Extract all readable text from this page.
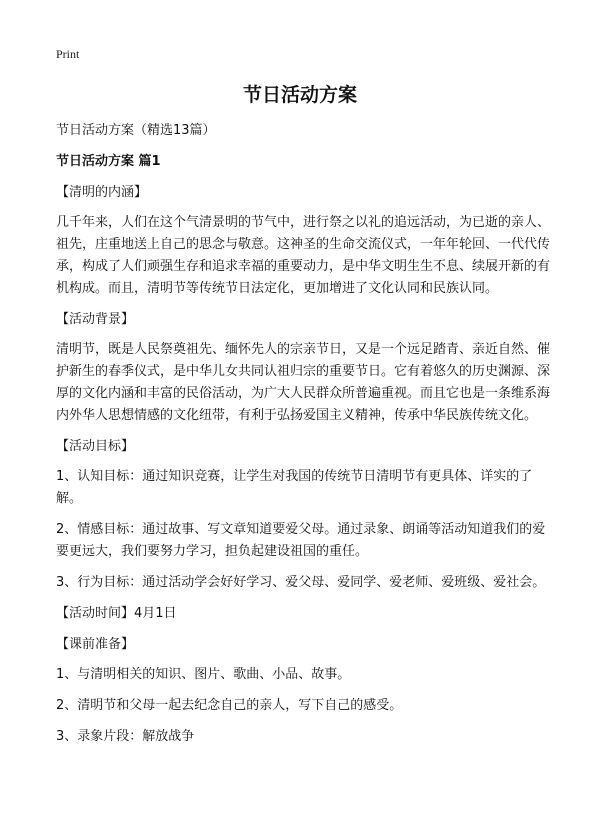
Print
节日活动方案

节日活动方案（精选13篇）

节日活动方案 篇1

【清明的内涵】

几千年来，人们在这个气清景明的节气中，进行祭之以礼的追远活动，为已逝的亲人、祖先，庄重地送上自己的思念与敬意。这神圣的生命交流仪式，一年年轮回、一代代传承，构成了人们顽强生存和追求幸福的重要动力，是中华文明生生不息、续展开新的有机构成。而且，清明节等传统节日法定化，更加增进了文化认同和民族认同。

【活动背景】

清明节，既是人民祭奠祖先、缅怀先人的宗亲节日，又是一个远足踏青、亲近自然、催护新生的春季仪式，是中华儿女共同认祖归宗的重要节日。它有着悠久的历史渊源、深厚的文化内涵和丰富的民俗活动，为广大人民群众所普遍重视。而且它也是一条维系海内外华人思想情感的文化纽带，有利于弘扬爱国主义精神，传承中华民族传统文化。

【活动目标】

1、认知目标：通过知识竞赛，让学生对我国的传统节日清明节有更具体、详实的了解。

2、情感目标：通过故事、写文章知道要爱父母。通过录象、朗诵等活动知道我们的爱要更远大，我们要努力学习，担负起建设祖国的重任。

3、行为目标：通过活动学会好好学习、爱父母、爱同学、爱老师、爱班级、爱社会。

【活动时间】4月1日

【课前准备】

1、与清明相关的知识、图片、歌曲、小品、故事。

2、清明节和父母一起去纪念自己的亲人，写下自己的感受。

3、录象片段：解放战争
